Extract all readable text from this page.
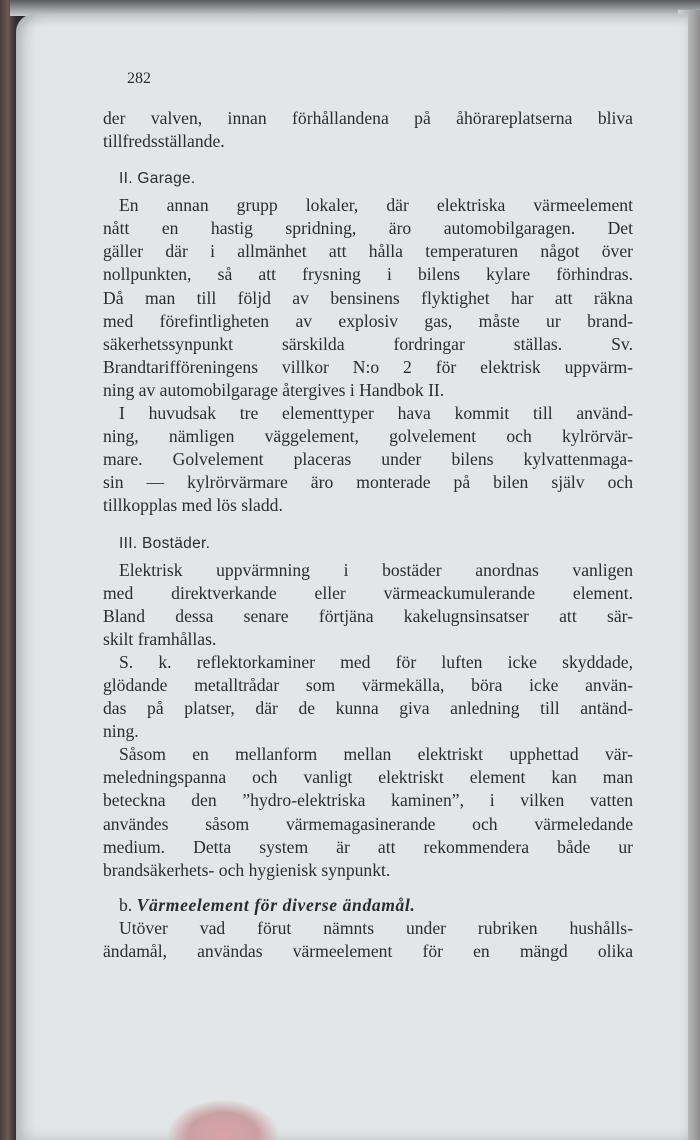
282
der valven, innan förhållandena på åhörareplatserna bliva
tillfredsställande.
II. Garage.
En annan grupp lokaler, där elektriska värmeelement
nått en hastig spridning, äro automobilgaragen. Det
gäller där i allmänhet att hålla temperaturen något över
nollpunkten, så att frysning i bilens kylare förhindras.
Då man till följd av bensinens flyktighet har att räkna
med förefintligheten av explosiv gas, måste ur brand-
säkerhetssynpunkt särskilda fordringar ställas. Sv.
Brandtarifföreningens villkor N:o 2 för elektrisk uppvärm-
ning av automobilgarage återgives i Handbok II.
I huvudsak tre elementtyper hava kommit till använd-
ning, nämligen väggelement, golvelement och kylrörvär-
mare. Golvelement placeras under bilens kylvattenmaga-
sin — kylrörvärmare äro monterade på bilen själv och
tillkopplas med lös sladd.
III. Bostäder.
Elektrisk uppvärmning i bostäder anordnas vanligen
med direktverkande eller värmeackumulerande element.
Bland dessa senare förtjäna kakelugnsinsatser att sär-
skilt framhållas.
S. k. reflektorkaminer med för luften icke skyddade,
glödande metalltrådar som värmekälla, böra icke använ-
das på platser, där de kunna giva anledning till antänd-
ning.
Såsom en mellanform mellan elektriskt upphettad vär-
meledningspanna och vanligt elektriskt element kan man
beteckna den ”hydro-elektriska kaminen”, i vilken vatten
användes såsom värmemagasinerande och värmeledande
medium. Detta system är att rekommendera både ur
brandsäkerhets- och hygienisk synpunkt.
b. Värmeelement för diverse ändamål.
Utöver vad förut nämnts under rubriken hushålls-
ändamål, användas värmeelement för en mängd olika
